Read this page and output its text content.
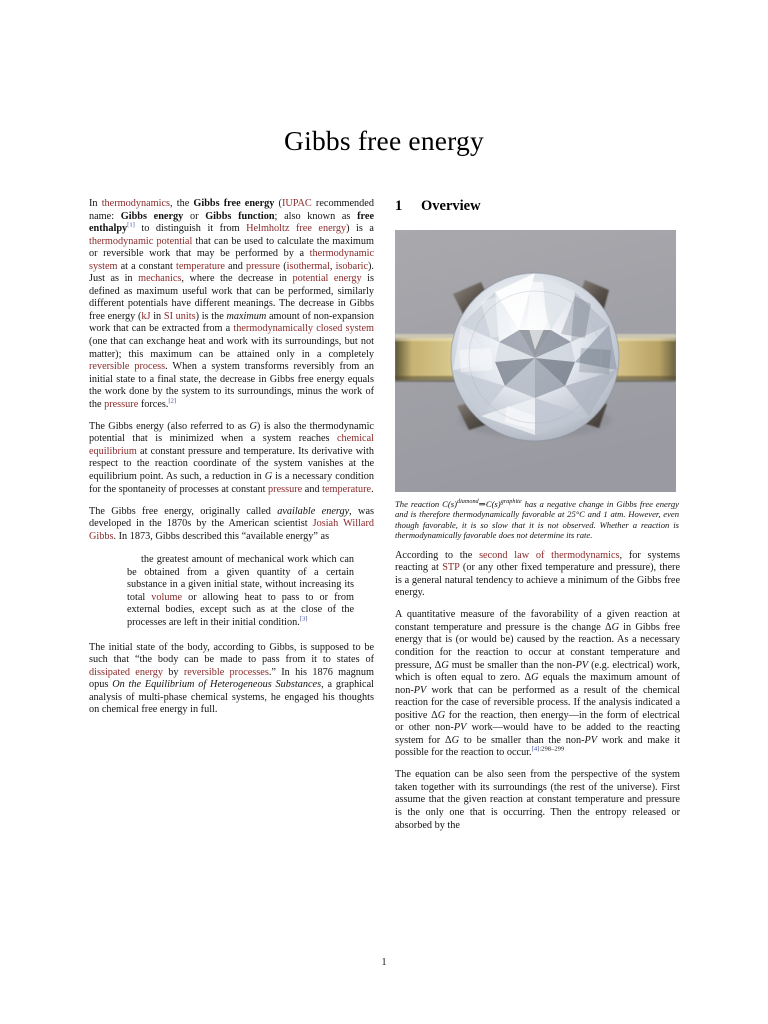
Gibbs free energy

In thermodynamics, the Gibbs free energy (IUPAC recommended name: Gibbs energy or Gibbs function; also known as free enthalpy[1] to distinguish it from Helmholtz free energy) is a thermodynamic potential that can be used to calculate the maximum or reversible work that may be performed by a thermodynamic system at a constant temperature and pressure (isothermal, isobaric). Just as in mechanics, where the decrease in potential energy is defined as maximum useful work that can be performed, similarly different potentials have different meanings. The decrease in Gibbs free energy (kJ in SI units) is the maximum amount of non-expansion work that can be extracted from a thermodynamically closed system (one that can exchange heat and work with its surroundings, but not matter); this maximum can be attained only in a completely reversible process. When a system transforms reversibly from an initial state to a final state, the decrease in Gibbs free energy equals the work done by the system to its surroundings, minus the work of the pressure forces.[2]

The Gibbs energy (also referred to as G) is also the thermodynamic potential that is minimized when a system reaches chemical equilibrium at constant pressure and temperature. Its derivative with respect to the reaction coordinate of the system vanishes at the equilibrium point. As such, a reduction in G is a necessary condition for the spontaneity of processes at constant pressure and temperature.

The Gibbs free energy, originally called available energy, was developed in the 1870s by the American scientist Josiah Willard Gibbs. In 1873, Gibbs described this “available energy” as

the greatest amount of mechanical work which can be obtained from a given quantity of a certain substance in a given initial state, without increasing its total volume or allowing heat to pass to or from external bodies, except such as at the close of the processes are left in their initial condition.[3]

The initial state of the body, according to Gibbs, is supposed to be such that “the body can be made to pass from it to states of dissipated energy by reversible processes.” In his 1876 magnum opus On the Equilibrium of Heterogeneous Substances, a graphical analysis of multi-phase chemical systems, he engaged his thoughts on chemical free energy in full.

1	Overview
The reaction $C(s)^{diamond}\Rightarrow C(s)^{graphite}$ has a negative change in Gibbs free energy and is therefore thermodynamically favorable at 25°C and 1 atm. However, even though favorable, it is so slow that it is not observed. Whether a reaction is thermodynamically favorable does not determine its rate.

According to the second law of thermodynamics, for systems reacting at STP (or any other fixed temperature and pressure), there is a general natural tendency to achieve a minimum of the Gibbs free energy.

A quantitative measure of the favorability of a given reaction at constant temperature and pressure is the change ΔG in Gibbs free energy that is (or would be) caused by the reaction. As a necessary condition for the reaction to occur at constant temperature and pressure, ΔG must be smaller than the non-PV (e.g. electrical) work, which is often equal to zero. ΔG equals the maximum amount of non-PV work that can be performed as a result of the chemical reaction for the case of reversible process. If the analysis indicated a positive ΔG for the reaction, then energy—in the form of electrical or other non-PV work—would have to be added to the reacting system for ΔG to be smaller than the non-PV work and make it possible for the reaction to occur.$^{[4]:298-299}$

The equation can be also seen from the perspective of the system taken together with its surroundings (the rest of the universe). First assume that the given reaction at constant temperature and pressure is the only one that is occurring. Then the entropy released or absorbed by the

1
